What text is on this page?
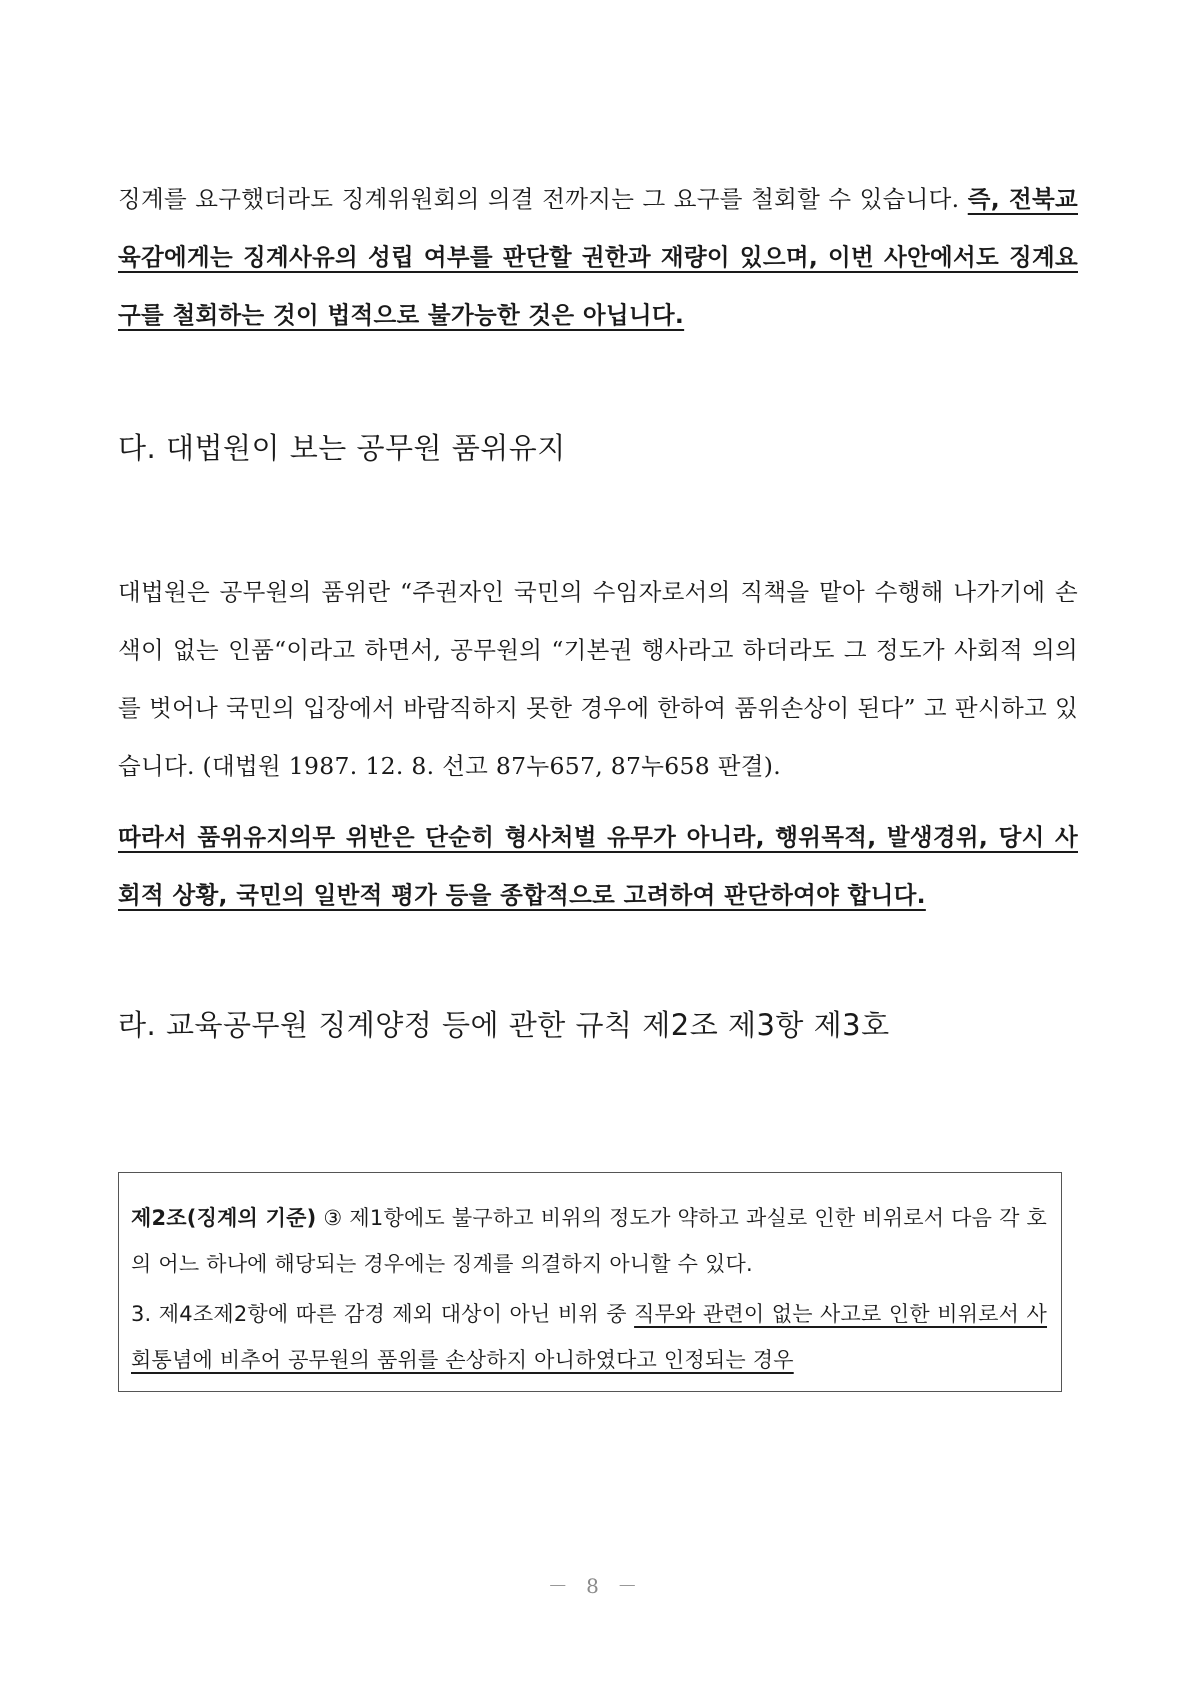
징계를 요구했더라도 징계위원회의 의결 전까지는 그 요구를 철회할 수 있습니다. 즉, 전북교육감에게는 징계사유의 성립 여부를 판단할 권한과 재량이 있으며, 이번 사안에서도 징계요구를 철회하는 것이 법적으로 불가능한 것은 아닙니다.
다. 대법원이 보는 공무원 품위유지
대법원은 공무원의 품위란 “주권자인 국민의 수임자로서의 직책을 맡아 수행해 나가기에 손색이 없는 인품“이라고 하면서, 공무원의 “기본권 행사라고 하더라도 그 정도가 사회적 의의를 벗어나 국민의 입장에서 바람직하지 못한 경우에 한하여 품위손상이 된다” 고 판시하고 있습니다. (대법원 1987. 12. 8. 선고 87누657, 87누658 판결).
따라서 품위유지의무 위반은 단순히 형사처벌 유무가 아니라, 행위목적, 발생경위, 당시 사회적 상황, 국민의 일반적 평가 등을 종합적으로 고려하여 판단하여야 합니다.
라. 교육공무원 징계양정 등에 관한 규칙 제2조 제3항 제3호
제2조(징계의 기준) ③ 제1항에도 불구하고 비위의 정도가 약하고 과실로 인한 비위로서 다음 각 호의 어느 하나에 해당되는 경우에는 징계를 의결하지 아니할 수 있다.
3. 제4조제2항에 따른 감경 제외 대상이 아닌 비위 중 직무와 관련이 없는 사고로 인한 비위로서 사회통념에 비추어 공무원의 품위를 손상하지 아니하였다고 인정되는 경우
－ 8 －
